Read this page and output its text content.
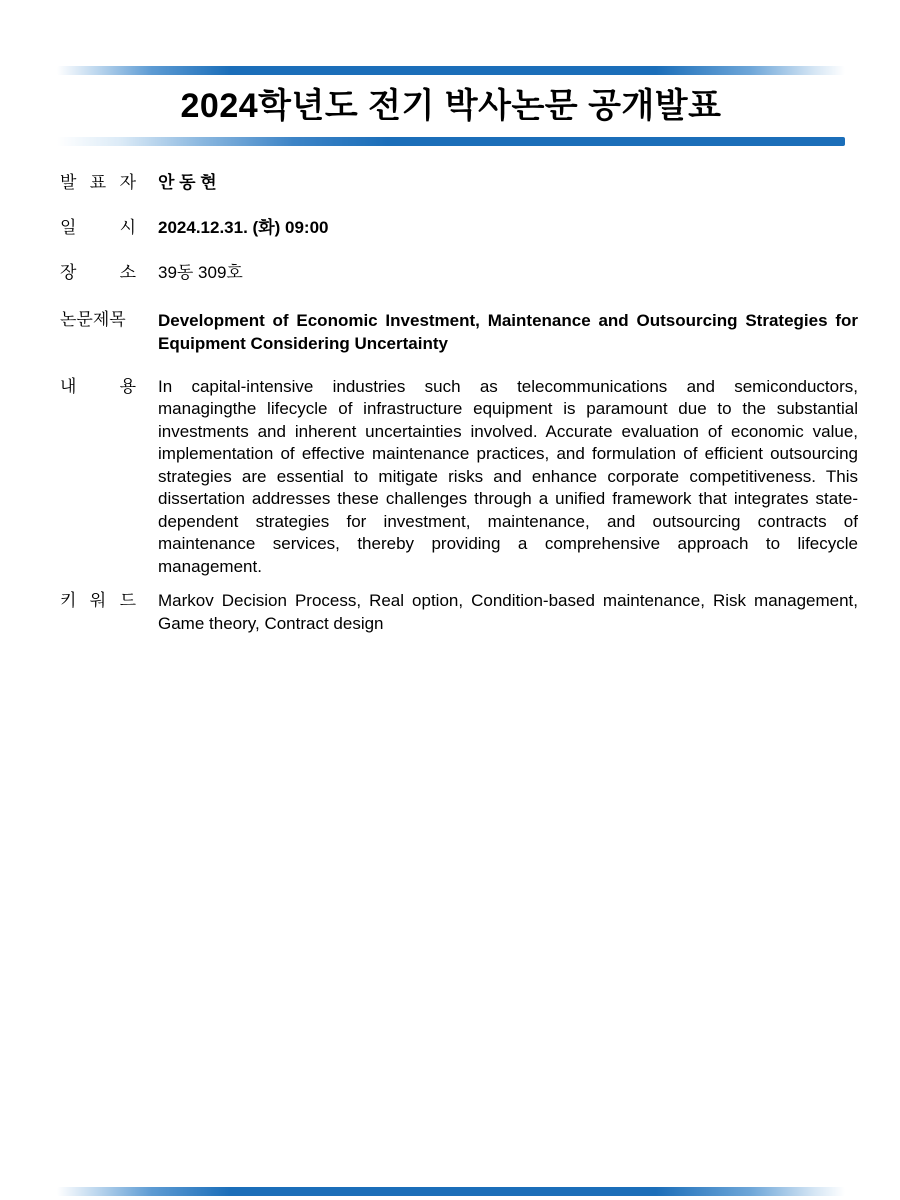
2024학년도 전기 박사논문 공개발표
발 표 자 안 동 현
일 시 2024.12.31. (화) 09:00
장 소 39동 309호
논문제목	Development of Economic Investment, Maintenance and Outsourcing Strategies for Equipment Considering Uncertainty
내 용 In capital-intensive industries such as telecommunications and semiconductors, managingthe lifecycle of infrastructure equipment is paramount due to the substantial investments and inherent uncertainties involved. Accurate evaluation of economic value, implementation of effective maintenance practices, and formulation of efficient outsourcing strategies are essential to mitigate risks and enhance corporate competitiveness. This dissertation addresses these challenges through a unified framework that integrates state-dependent strategies for investment, maintenance, and outsourcing contracts of maintenance services, thereby providing a comprehensive approach to lifecycle management.
키 워 드 Markov Decision Process, Real option, Condition-based maintenance, Risk management, Game theory, Contract design
